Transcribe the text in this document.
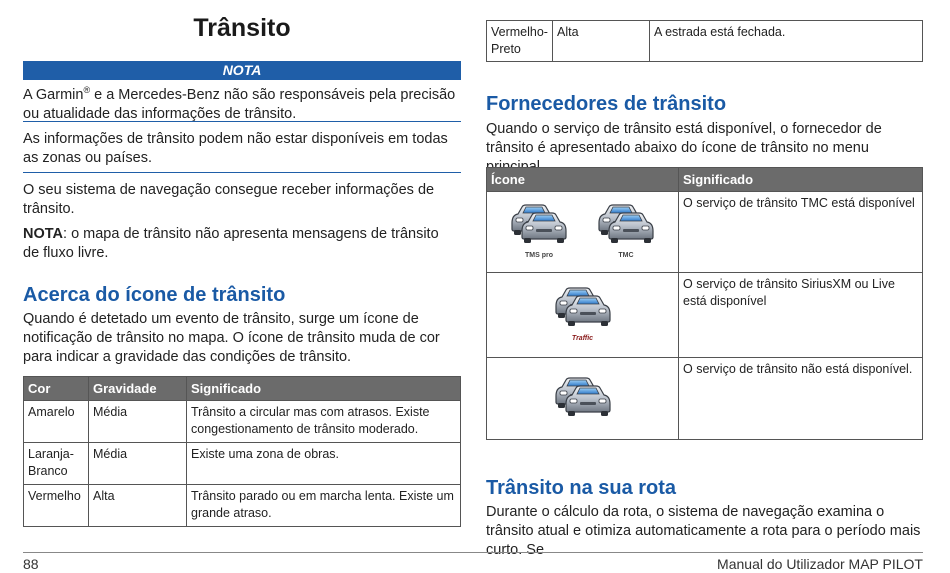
Trânsito
NOTA
A Garmin® e a Mercedes-Benz não são responsáveis pela precisão ou atualidade das informações de trânsito.
As informações de trânsito podem não estar disponíveis em todas as zonas ou países.
O seu sistema de navegação consegue receber informações de trânsito.
NOTA: o mapa de trânsito não apresenta mensagens de trânsito de fluxo livre.
Acerca do ícone de trânsito
Quando é detetado um evento de trânsito, surge um ícone de notificação de trânsito no mapa. O ícone de trânsito muda de cor para indicar a gravidade das condições de trânsito.
Cor	Gravidade	Significado
Amarelo	Média	Trânsito a circular mas com atrasos. Existe congestionamento de trânsito moderado.
Laranja-Branco	Média	Existe uma zona de obras.
Vermelho	Alta	Trânsito parado ou em marcha lenta. Existe um grande atraso.
Vermelho-Preto	Alta	A estrada está fechada.
Fornecedores de trânsito
Quando o serviço de trânsito está disponível, o fornecedor de trânsito é apresentado abaixo do ícone de trânsito no menu
Ícone	Significado

TMS pro
TMC	O serviço de trânsito TMC está disponível

Traffic	O serviço de trânsito SiriusXM ou Live está disponível
	O serviço de trânsito não está disponível.
Trânsito na sua rota
Durante o cálculo da rota, o sistema de navegação examina o trânsito atual e otimiza automaticamente a rota para o período mais curto. Se
88	Manual do Utilizador MAP PILOT
